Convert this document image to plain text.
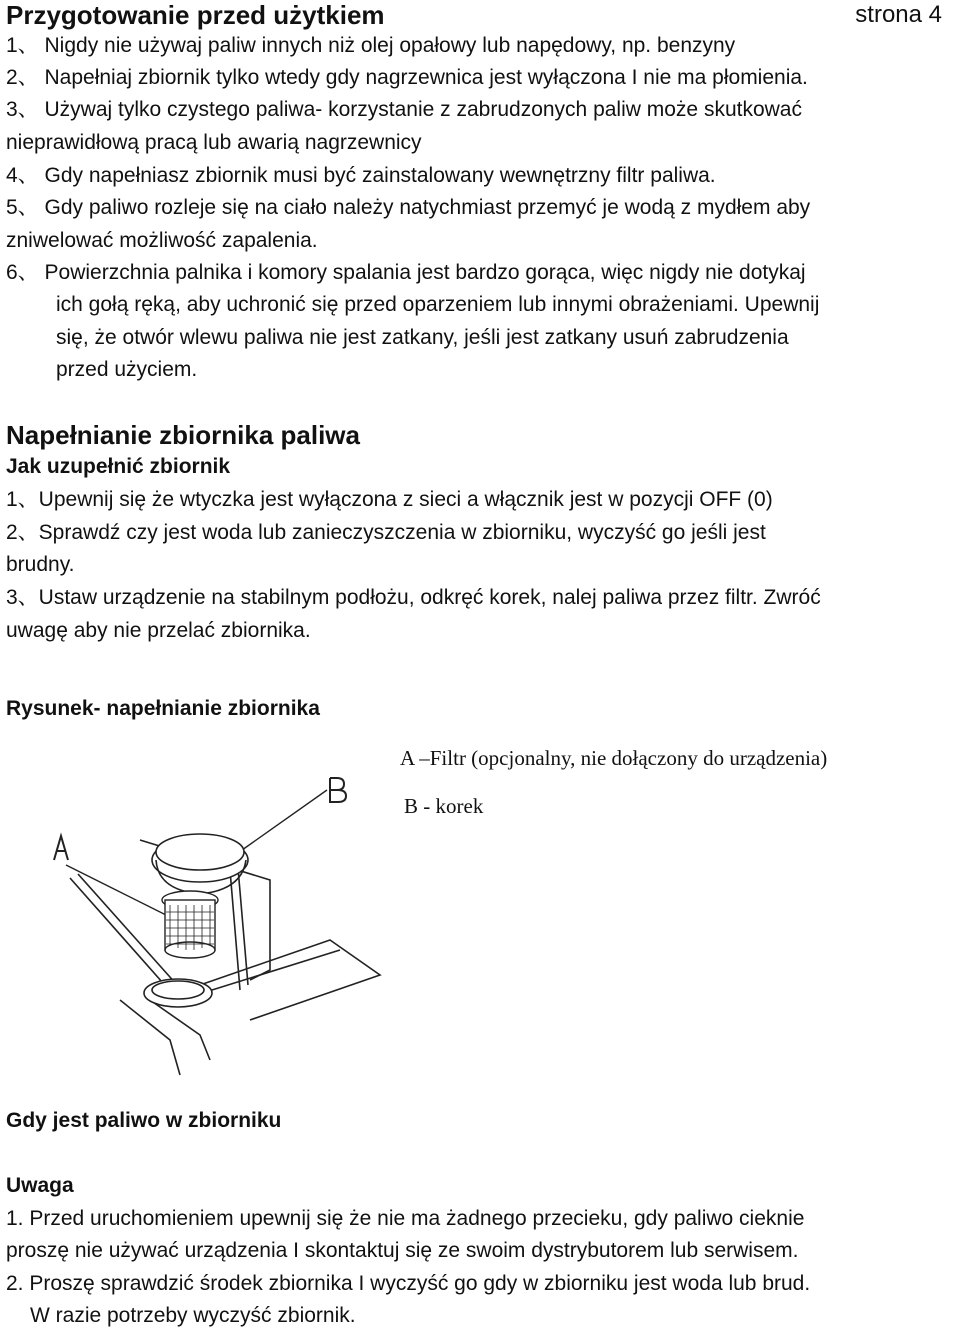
Przygotowanie przed użytkiem	strona 4
1、 Nigdy nie używaj paliw innych niż olej opałowy lub napędowy, np. benzyny
2、 Napełniaj zbiornik tylko wtedy gdy nagrzewnica jest wyłączona I nie ma płomienia.
3、 Używaj tylko czystego paliwa- korzystanie z zabrudzonych paliw może skutkować
nieprawidłową pracą lub awarią nagrzewnicy
4、 Gdy napełniasz zbiornik musi być zainstalowany wewnętrzny filtr paliwa.
5、 Gdy paliwo rozleje się na ciało należy natychmiast przemyć je wodą z mydłem aby
zniwelować możliwość zapalenia.
6、 Powierzchnia palnika i komory spalania jest bardzo gorąca, więc nigdy nie dotykaj
ich gołą ręką, aby uchronić się przed oparzeniem lub innymi obrażeniami. Upewnij
się, że otwór wlewu paliwa nie jest zatkany, jeśli jest zatkany usuń zabrudzenia
przed użyciem.
Napełnianie zbiornika paliwa
Jak uzupełnić zbiornik
1、Upewnij się że wtyczka jest wyłączona z sieci a włącznik jest w pozycji OFF (0)
2、Sprawdź czy jest woda lub zanieczyszczenia w zbiorniku, wyczyść go jeśli jest
brudny.
3、Ustaw urządzenie na stabilnym podłożu, odkręć korek, nalej paliwa przez filtr. Zwróć
uwagę aby nie przelać zbiornika.
Rysunek- napełnianie zbiornika
A –Filtr (opcjonalny, nie dołączony do urządzenia)
B - korek
Gdy jest paliwo w zbiorniku
Uwaga
1. Przed uruchomieniem upewnij się że nie ma żadnego przecieku, gdy paliwo cieknie
proszę nie używać urządzenia I skontaktuj się ze swoim dystrybutorem lub serwisem.
2. Proszę sprawdzić środek zbiornika I wyczyść go gdy w zbiorniku jest woda lub brud.
W razie potrzeby wyczyść zbiornik.
